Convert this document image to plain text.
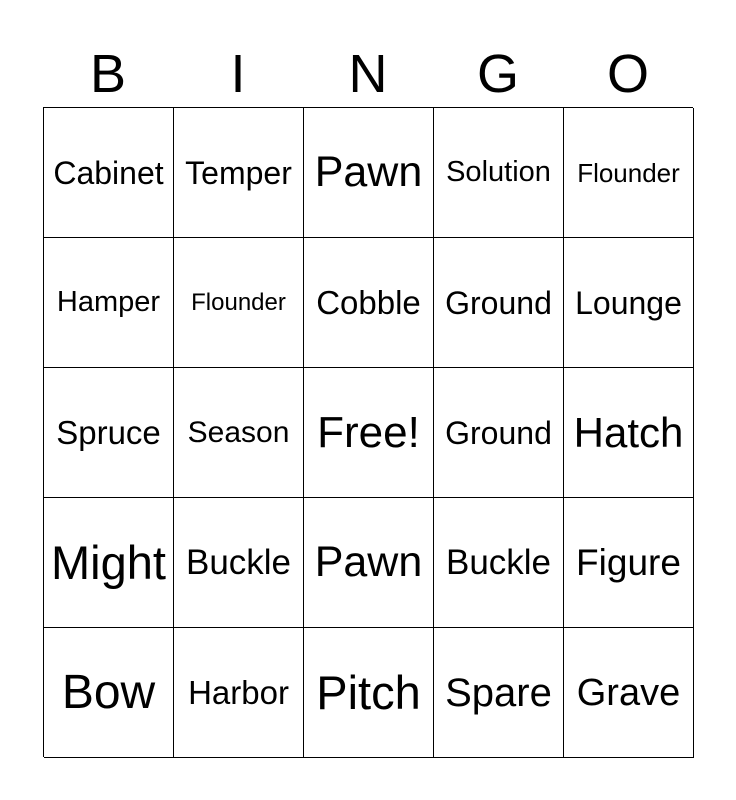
B	I	N	G	O
Cabinet Temper Pawn Solution Flounder
Hamper Flounder Cobble Ground Lounge
Spruce Season Free! Ground Hatch
Might Buckle Pawn Buckle Figure
Bow Harbor Pitch Spare Grave
